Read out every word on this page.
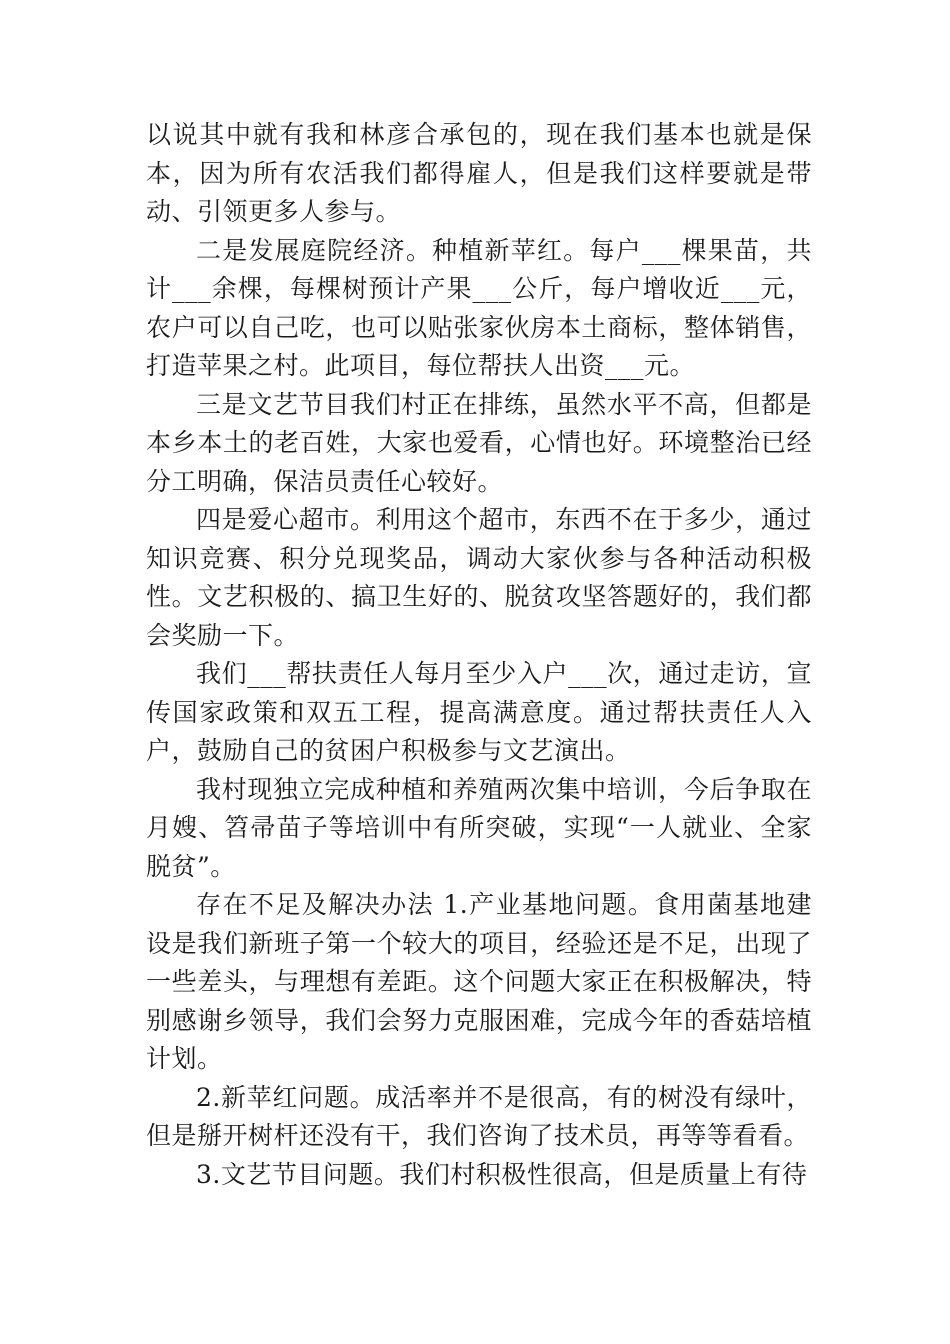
以说其中就有我和林彦合承包的，现在我们基本也就是保本，因为所有农活我们都得雇人，但是我们这样要就是带动、引领更多人参与。

二是发展庭院经济。种植新苹红。每户___棵果苗，共计___余棵，每棵树预计产果___公斤，每户增收近___元，农户可以自己吃，也可以贴张家伙房本土商标，整体销售，打造苹果之村。此项目，每位帮扶人出资___元。

三是文艺节目我们村正在排练，虽然水平不高，但都是本乡本土的老百姓，大家也爱看，心情也好。环境整治已经分工明确，保洁员责任心较好。

四是爱心超市。利用这个超市，东西不在于多少，通过知识竞赛、积分兑现奖品，调动大家伙参与各种活动积极性。文艺积极的、搞卫生好的、脱贫攻坚答题好的，我们都会奖励一下。

我们___帮扶责任人每月至少入户___次，通过走访，宣传国家政策和双五工程，提高满意度。通过帮扶责任人入户，鼓励自己的贫困户积极参与文艺演出。

我村现独立完成种植和养殖两次集中培训，今后争取在月嫂、笤帚苗子等培训中有所突破，实现“一人就业、全家脱贫”。

存在不足及解决办法 1.产业基地问题。食用菌基地建设是我们新班子第一个较大的项目，经验还是不足，出现了一些差头，与理想有差距。这个问题大家正在积极解决，特别感谢乡领导，我们会努力克服困难，完成今年的香菇培植计划。

2.新苹红问题。成活率并不是很高，有的树没有绿叶，但是掰开树杆还没有干，我们咨询了技术员，再等等看看。

3.文艺节目问题。我们村积极性很高，但是质量上有待
